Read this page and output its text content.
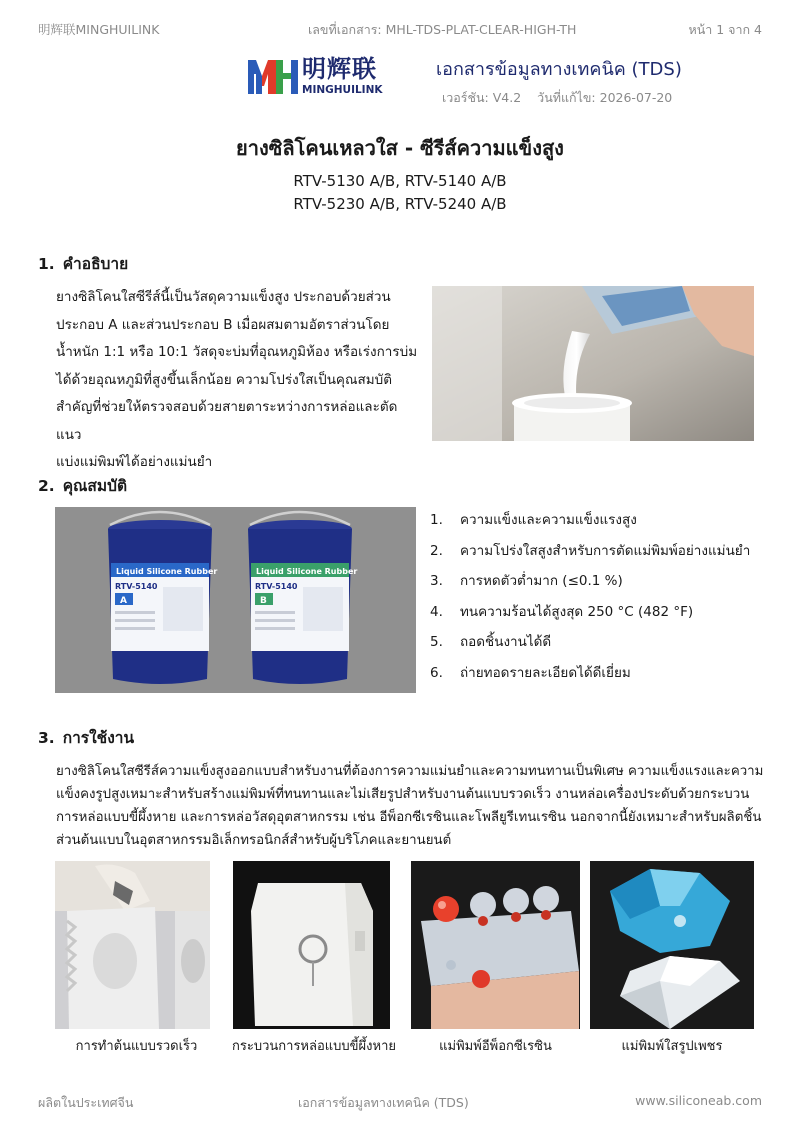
明辉联MINGHUILINK	เลขที่เอกสาร: MHL-TDS-PLAT-CLEAR-HIGH-TH	หน้า 1 จาก 4
明辉联
MINGHUILINK
เอกสารข้อมูลทางเทคนิค (TDS)
เวอร์ชัน: V4.2 วันที่แก้ไข: 2026-07-20
ยางซิลิโคนเหลวใส - ซีรีส์ความแข็งสูง
RTV-5130 A/B, RTV-5140 A/B
RTV-5230 A/B, RTV-5240 A/B
1. คำอธิบาย
ยางซิลิโคนใสซีรีส์นี้เป็นวัสดุความแข็งสูง ประกอบด้วยส่วน
ประกอบ A และส่วนประกอบ B เมื่อผสมตามอัตราส่วนโดย
น้ำหนัก 1:1 หรือ 10:1 วัสดุจะบ่มที่อุณหภูมิห้อง หรือเร่งการบ่ม
ได้ด้วยอุณหภูมิที่สูงขึ้นเล็กน้อย ความโปร่งใสเป็นคุณสมบัติ
สำคัญที่ช่วยให้ตรวจสอบด้วยสายตาระหว่างการหล่อและตัดแนว
แบ่งแม่พิมพ์ได้อย่างแม่นยำ
2. คุณสมบัติ
Liquid Silicone Rubber
RTV-5140
A
Liquid Silicone Rubber
RTV-5140
B
1.	ความแข็งและความแข็งแรงสูง
2.	ความโปร่งใสสูงสำหรับการตัดแม่พิมพ์อย่างแม่นยำ
3.	การหดตัวต่ำมาก (≤0.1 %)
4.	ทนความร้อนได้สูงสุด 250 °C (482 °F)
5.	ถอดชิ้นงานได้ดี
6.	ถ่ายทอดรายละเอียดได้ดีเยี่ยม
3. การใช้งาน
ยางซิลิโคนใสซีรีส์ความแข็งสูงออกแบบสำหรับงานที่ต้องการความแม่นยำและความทนทานเป็นพิเศษ ความแข็งแรงและความ
แข็งคงรูปสูงเหมาะสำหรับสร้างแม่พิมพ์ที่ทนทานและไม่เสียรูปสำหรับงานต้นแบบรวดเร็ว งานหล่อเครื่องประดับด้วยกระบวน
การหล่อแบบขี้ผึ้งหาย และการหล่อวัสดุอุตสาหกรรม เช่น อีพ็อกซีเรซินและโพลียูรีเทนเรซิน นอกจากนี้ยังเหมาะสำหรับผลิตชิ้น
ส่วนต้นแบบในอุตสาหกรรมอิเล็กทรอนิกส์สำหรับผู้บริโภคและยานยนต์
การทำต้นแบบรวดเร็ว	กระบวนการหล่อแบบขี้ผึ้งหาย	แม่พิมพ์อีพ็อกซีเรซิน	แม่พิมพ์ใสรูปเพชร
ผลิตในประเทศจีน	เอกสารข้อมูลทางเทคนิค (TDS)	www.siliconeab.com
